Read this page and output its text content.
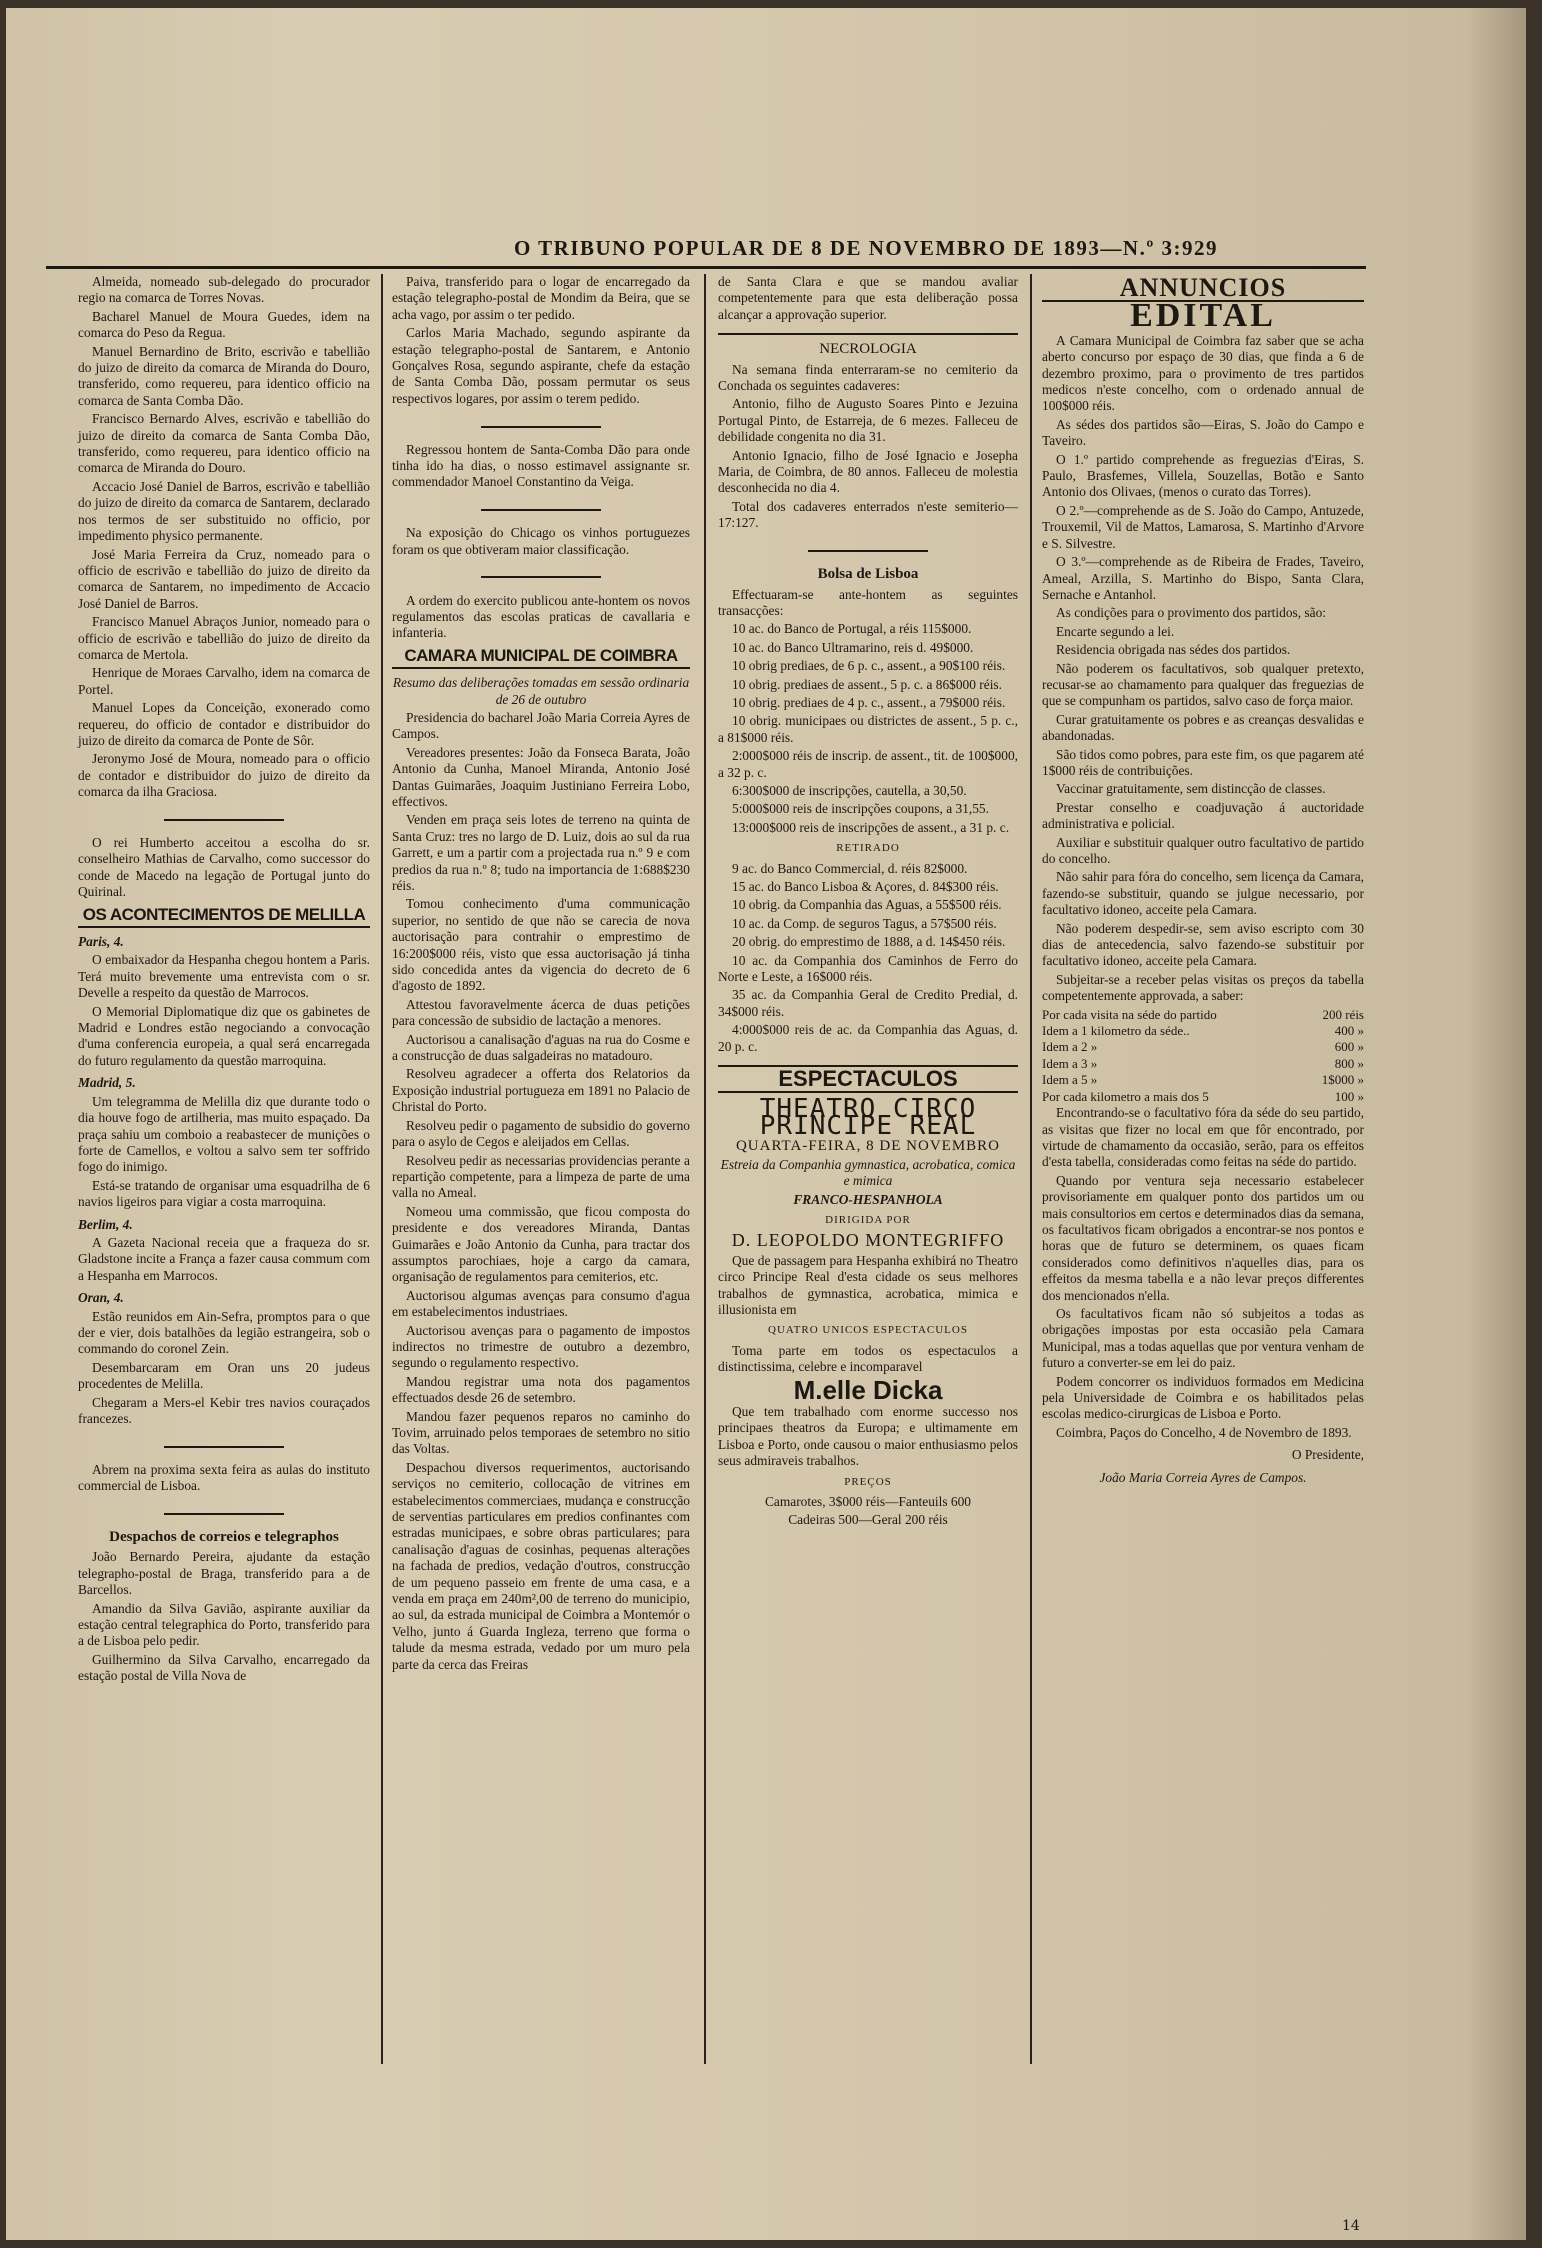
O TRIBUNO POPULAR DE 8 DE NOVEMBRO DE 1893—N.º 3:929

Almeida, nomeado sub-delegado do procurador regio na comarca de Torres Novas.

Bacharel Manuel de Moura Guedes, idem na comarca do Peso da Regua.

Manuel Bernardino de Brito, escrivão e tabellião do juizo de direito da comarca de Miranda do Douro, transferido, como requereu, para identico officio na comarca de Santa Comba Dão.

Francisco Bernardo Alves, escrivão e tabellião do juizo de direito da comarca de Santa Comba Dão, transferido, como requereu, para identico officio na comarca de Miranda do Douro.

Accacio José Daniel de Barros, escrivão e tabellião do juizo de direito da comarca de Santarem, declarado nos termos de ser substituido no officio, por impedimento physico permanente.

José Maria Ferreira da Cruz, nomeado para o officio de escrivão e tabellião do juizo de direito da comarca de Santarem, no impedimento de Accacio José Daniel de Barros.

Francisco Manuel Abraços Junior, nomeado para o officio de escrivão e tabellião do juizo de direito da comarca de Mertola.

Henrique de Moraes Carvalho, idem na comarca de Portel.

Manuel Lopes da Conceição, exonerado como requereu, do officio de contador e distribuidor do juizo de direito da comarca de Ponte de Sôr.

Jeronymo José de Moura, nomeado para o officio de contador e distribuidor do juizo de direito da comarca da ilha Graciosa.

O rei Humberto acceitou a escolha do sr. conselheiro Mathias de Carvalho, como successor do conde de Macedo na legação de Portugal junto do Quirinal.

OS ACONTECIMENTOS DE MELILLA
Paris, 4.

O embaixador da Hespanha chegou hontem a Paris. Terá muito brevemente uma entrevista com o sr. Develle a respeito da questão de Marrocos.

O Memorial Diplomatique diz que os gabinetes de Madrid e Londres estão negociando a convocação d'uma conferencia europeia, a qual será encarregada do futuro regulamento da questão marroquina.

Madrid, 5.

Um telegramma de Melilla diz que durante todo o dia houve fogo de artilheria, mas muito espaçado. Da praça sahiu um comboio a reabastecer de munições o forte de Camellos, e voltou a salvo sem ter soffrido fogo do inimigo.

Está-se tratando de organisar uma esquadrilha de 6 navios ligeiros para vigiar a costa marroquina.

Berlim, 4.

A Gazeta Nacional receia que a fraqueza do sr. Gladstone incite a França a fazer causa commum com a Hespanha em Marrocos.

Oran, 4.

Estão reunidos em Ain-Sefra, promptos para o que der e vier, dois batalhões da legião estrangeira, sob o commando do coronel Zein.

Desembarcaram em Oran uns 20 judeus procedentes de Melilla.

Chegaram a Mers-el Kebir tres navios couraçados francezes.

Abrem na proxima sexta feira as aulas do instituto commercial de Lisboa.

Despachos de correios e telegraphos

João Bernardo Pereira, ajudante da estação telegrapho-postal de Braga, transferido para a de Barcellos.

Amandio da Silva Gavião, aspirante auxiliar da estação central telegraphica do Porto, transferido para a de Lisboa pelo pedir.

Guilhermino da Silva Carvalho, encarregado da estação postal de Villa Nova de

Paiva, transferido para o logar de encarregado da estação telegrapho-postal de Mondim da Beira, que se acha vago, por assim o ter pedido.

Carlos Maria Machado, segundo aspirante da estação telegrapho-postal de Santarem, e Antonio Gonçalves Rosa, segundo aspirante, chefe da estação de Santa Comba Dão, possam permutar os seus respectivos logares, por assim o terem pedido.

Regressou hontem de Santa-Comba Dão para onde tinha ido ha dias, o nosso estimavel assignante sr. commendador Manoel Constantino da Veiga.

Na exposição do Chicago os vinhos portuguezes foram os que obtiveram maior classificação.

A ordem do exercito publicou ante-hontem os novos regulamentos das escolas praticas de cavallaria e infanteria.

CAMARA MUNICIPAL DE COIMBRA

Resumo das deliberações tomadas em sessão ordinaria de 26 de outubro

Presidencia do bacharel João Maria Correia Ayres de Campos.

Vereadores presentes: João da Fonseca Barata, João Antonio da Cunha, Manoel Miranda, Antonio José Dantas Guimarães, Joaquim Justiniano Ferreira Lobo, effectivos.

Venden em praça seis lotes de terreno na quinta de Santa Cruz: tres no largo de D. Luiz, dois ao sul da rua Garrett, e um a partir com a projectada rua n.º 9 e com predios da rua n.º 8; tudo na importancia de 1:688$230 réis.

Tomou conhecimento d'uma communicação superior, no sentido de que não se carecia de nova auctorisação para contrahir o emprestimo de 16:200$000 réis, visto que essa auctorisação já tinha sido concedida antes da vigencia do decreto de 6 d'agosto de 1892.

Attestou favoravelmente ácerca de duas petições para concessão de subsidio de lactação a menores.

Auctorisou a canalisação d'aguas na rua do Cosme e a construcção de duas salgadeiras no matadouro.

Resolveu agradecer a offerta dos Relatorios da Exposição industrial portugueza em 1891 no Palacio de Christal do Porto.

Resolveu pedir o pagamento de subsidio do governo para o asylo de Cegos e aleijados em Cellas.

Resolveu pedir as necessarias providencias perante a repartição competente, para a limpeza de parte de uma valla no Ameal.

Nomeou uma commissão, que ficou composta do presidente e dos vereadores Miranda, Dantas Guimarães e João Antonio da Cunha, para tractar dos assumptos parochiaes, hoje a cargo da camara, organisação de regulamentos para cemiterios, etc.

Auctorisou algumas avenças para consumo d'agua em estabelecimentos industriaes.

Auctorisou avenças para o pagamento de impostos indirectos no trimestre de outubro a dezembro, segundo o regulamento respectivo.

Mandou registrar uma nota dos pagamentos effectuados desde 26 de setembro.

Mandou fazer pequenos reparos no caminho do Tovim, arruinado pelos temporaes de setembro no sitio das Voltas.

Despachou diversos requerimentos, auctorisando serviços no cemiterio, collocação de vitrines em estabelecimentos commerciaes, mudança e construcção de serventias particulares em predios confinantes com estradas municipaes, e sobre obras particulares; para canalisação d'aguas de cosinhas, pequenas alterações na fachada de predios, vedação d'outros, construcção de um pequeno passeio em frente de uma casa, e a venda em praça em 240m²,00 de terreno do municipio, ao sul, da estrada municipal de Coimbra a Montemór o Velho, junto á Guarda Ingleza, terreno que forma o talude da mesma estrada, vedado por um muro pela parte da cerca das Freiras

de Santa Clara e que se mandou avaliar competentemente para que esta deliberação possa alcançar a approvação superior.

NECROLOGIA

Na semana finda enterraram-se no cemiterio da Conchada os seguintes cadaveres:

Antonio, filho de Augusto Soares Pinto e Jezuina Portugal Pinto, de Estarreja, de 6 mezes. Falleceu de debilidade congenita no dia 31.

Antonio Ignacio, filho de José Ignacio e Josepha Maria, de Coimbra, de 80 annos. Falleceu de molestia desconhecida no dia 4.

Total dos cadaveres enterrados n'este semiterio—17:127.

Bolsa de Lisboa

Effectuaram-se ante-hontem as seguintes transacções:

10 ac. do Banco de Portugal, a réis 115$000.

10 ac. do Banco Ultramarino, reis d. 49$000.

10 obrig prediaes, de 6 p. c., assent., a 90$100 réis.

10 obrig. prediaes de assent., 5 p. c. a 86$000 réis.

10 obrig. prediaes de 4 p. c., assent., a 79$000 réis.

10 obrig. municipaes ou districtes de assent., 5 p. c., a 81$000 réis.

2:000$000 réis de inscrip. de assent., tit. de 100$000, a 32 p. c.

6:300$000 de inscripções, cautella, a 30,50.

5:000$000 reis de inscripções coupons, a 31,55.

13:000$000 reis de inscripções de assent., a 31 p. c.

RETIRADO

9 ac. do Banco Commercial, d. réis 82$000.

15 ac. do Banco Lisboa & Açores, d. 84$300 réis.

10 obrig. da Companhia das Aguas, a 55$500 réis.

10 ac. da Comp. de seguros Tagus, a 57$500 réis.

20 obrig. do emprestimo de 1888, a d. 14$450 réis.

10 ac. da Companhia dos Caminhos de Ferro do Norte e Leste, a 16$000 réis.

35 ac. da Companhia Geral de Credito Predial, d. 34$000 réis.

4:000$000 reis de ac. da Companhia das Aguas, d. 20 p. c.

ESPECTACULOS
THEATRO CIRCO PRINCIPE REAL

QUARTA-FEIRA, 8 DE NOVEMBRO

Estreia da Companhia gymnastica, acrobatica, comica e mimica

FRANCO-HESPANHOLA

DIRIGIDA POR
D. LEOPOLDO MONTEGRIFFO

Que de passagem para Hespanha exhibirá no Theatro circo Principe Real d'esta cidade os seus melhores trabalhos de gymnastica, acrobatica, mimica e illusionista em

QUATRO UNICOS ESPECTACULOS

Toma parte em todos os espectaculos a distinctissima, celebre e incomparavel

M.elle Dicka

Que tem trabalhado com enorme successo nos principaes theatros da Europa; e ultimamente em Lisboa e Porto, onde causou o maior enthusiasmo pelos seus admiraveis trabalhos.

PREÇOS

Camarotes, 3$000 réis—Fanteuils 600

Cadeiras 500—Geral 200 réis

ANNUNCIOS
EDITAL

A Camara Municipal de Coimbra faz saber que se acha aberto concurso por espaço de 30 dias, que finda a 6 de dezembro proximo, para o provimento de tres partidos medicos n'este concelho, com o ordenado annual de 100$000 réis.

As sédes dos partidos são—Eiras, S. João do Campo e Taveiro.

O 1.º partido comprehende as freguezias d'Eiras, S. Paulo, Brasfemes, Villela, Souzellas, Botão e Santo Antonio dos Olivaes, (menos o curato das Torres).

O 2.º—comprehende as de S. João do Campo, Antuzede, Trouxemil, Vil de Mattos, Lamarosa, S. Martinho d'Arvore e S. Silvestre.

O 3.º—comprehende as de Ribeira de Frades, Taveiro, Ameal, Arzilla, S. Martinho do Bispo, Santa Clara, Sernache e Antanhol.

As condições para o provimento dos partidos, são:

Encarte segundo a lei.

Residencia obrigada nas sédes dos partidos.

Não poderem os facultativos, sob qualquer pretexto, recusar-se ao chamamento para qualquer das freguezias de que se compunham os partidos, salvo caso de força maior.

Curar gratuitamente os pobres e as creanças desvalidas e abandonadas.

São tidos como pobres, para este fim, os que pagarem até 1$000 réis de contribuições.

Vaccinar gratuitamente, sem distincção de classes.

Prestar conselho e coadjuvação á auctoridade administrativa e policial.

Auxiliar e substituir qualquer outro facultativo de partido do concelho.

Não sahir para fóra do concelho, sem licença da Camara, fazendo-se substituir, quando se julgue necessario, por facultativo idoneo, acceite pela Camara.

Não poderem despedir-se, sem aviso escripto com 30 dias de antecedencia, salvo fazendo-se substituir por facultativo idoneo, acceite pela Camara.

Subjeitar-se a receber pelas visitas os preços da tabella competentemente approvada, a saber:

Por cada visita na séde do partido	200 réis
Idem a 1 kilometro da séde..	400 »
Idem a 2 »	600 »
Idem a 3 »	800 »
Idem a 5 »	1$000 »
Por cada kilometro a mais dos 5	100 »

Encontrando-se o facultativo fóra da séde do seu partido, as visitas que fizer no local em que fôr encontrado, por virtude de chamamento da occasião, serão, para os effeitos d'esta tabella, consideradas como feitas na séde do partido.

Quando por ventura seja necessario estabelecer provisoriamente em qualquer ponto dos partidos um ou mais consultorios em certos e determinados dias da semana, os facultativos ficam obrigados a encontrar-se nos pontos e horas que de futuro se determinem, os quaes ficam considerados como definitivos n'aquelles dias, para os effeitos da mesma tabella e a não levar preços differentes dos mencionados n'ella.

Os facultativos ficam não só subjeitos a todas as obrigações impostas por esta occasião pela Camara Municipal, mas a todas aquellas que por ventura venham de futuro a converter-se em lei do paiz.

Podem concorrer os individuos formados em Medicina pela Universidade de Coimbra e os habilitados pelas escolas medico-cirurgicas de Lisboa e Porto.

Coimbra, Paços do Concelho, 4 de Novembro de 1893.

O Presidente,

João Maria Correia Ayres de Campos.

14
